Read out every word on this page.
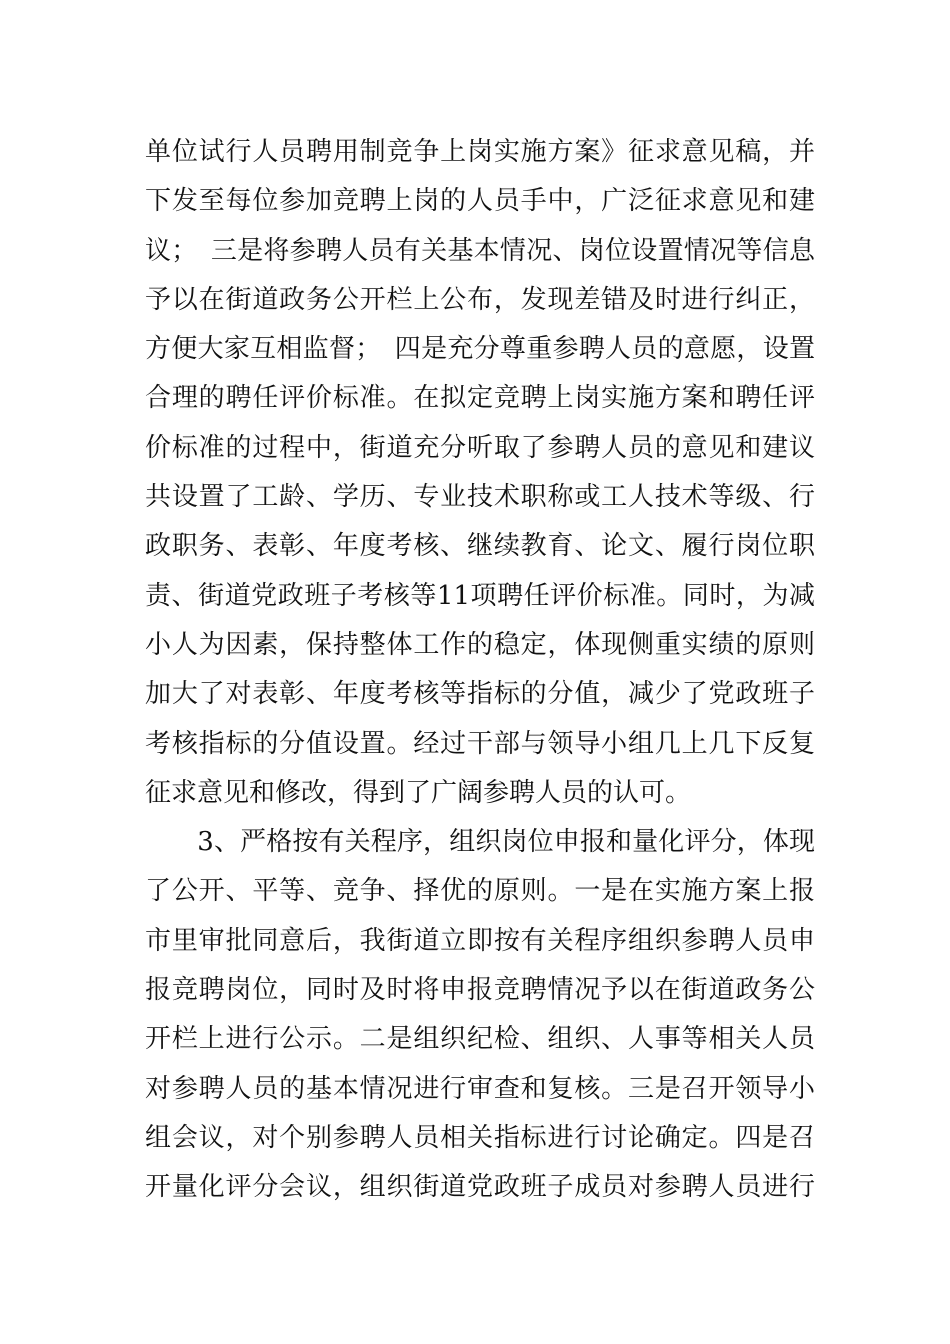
单位试行人员聘用制竞争上岗实施方案》征求意见稿，并
下发至每位参加竞聘上岗的人员手中，广泛征求意见和建
议；　三是将参聘人员有关基本情况、岗位设置情况等信息
予以在街道政务公开栏上公布，发现差错及时进行纠正，
方便大家互相监督；　四是充分尊重参聘人员的意愿，设置
合理的聘任评价标准。在拟定竞聘上岗实施方案和聘任评
价标准的过程中，街道充分听取了参聘人员的意见和建议
共设置了工龄、学历、专业技术职称或工人技术等级、行
政职务、表彰、年度考核、继续教育、论文、履行岗位职
责、街道党政班子考核等11项聘任评价标准。同时，为减
小人为因素，保持整体工作的稳定，体现侧重实绩的原则
加大了对表彰、年度考核等指标的分值，减少了党政班子
考核指标的分值设置。经过干部与领导小组几上几下反复
征求意见和修改，得到了广阔参聘人员的认可。
　　3、严格按有关程序，组织岗位申报和量化评分，体现
了公开、平等、竞争、择优的原则。一是在实施方案上报
市里审批同意后，我街道立即按有关程序组织参聘人员申
报竞聘岗位，同时及时将申报竞聘情况予以在街道政务公
开栏上进行公示。二是组织纪检、组织、人事等相关人员
对参聘人员的基本情况进行审查和复核。三是召开领导小
组会议，对个别参聘人员相关指标进行讨论确定。四是召
开量化评分会议，组织街道党政班子成员对参聘人员进行
